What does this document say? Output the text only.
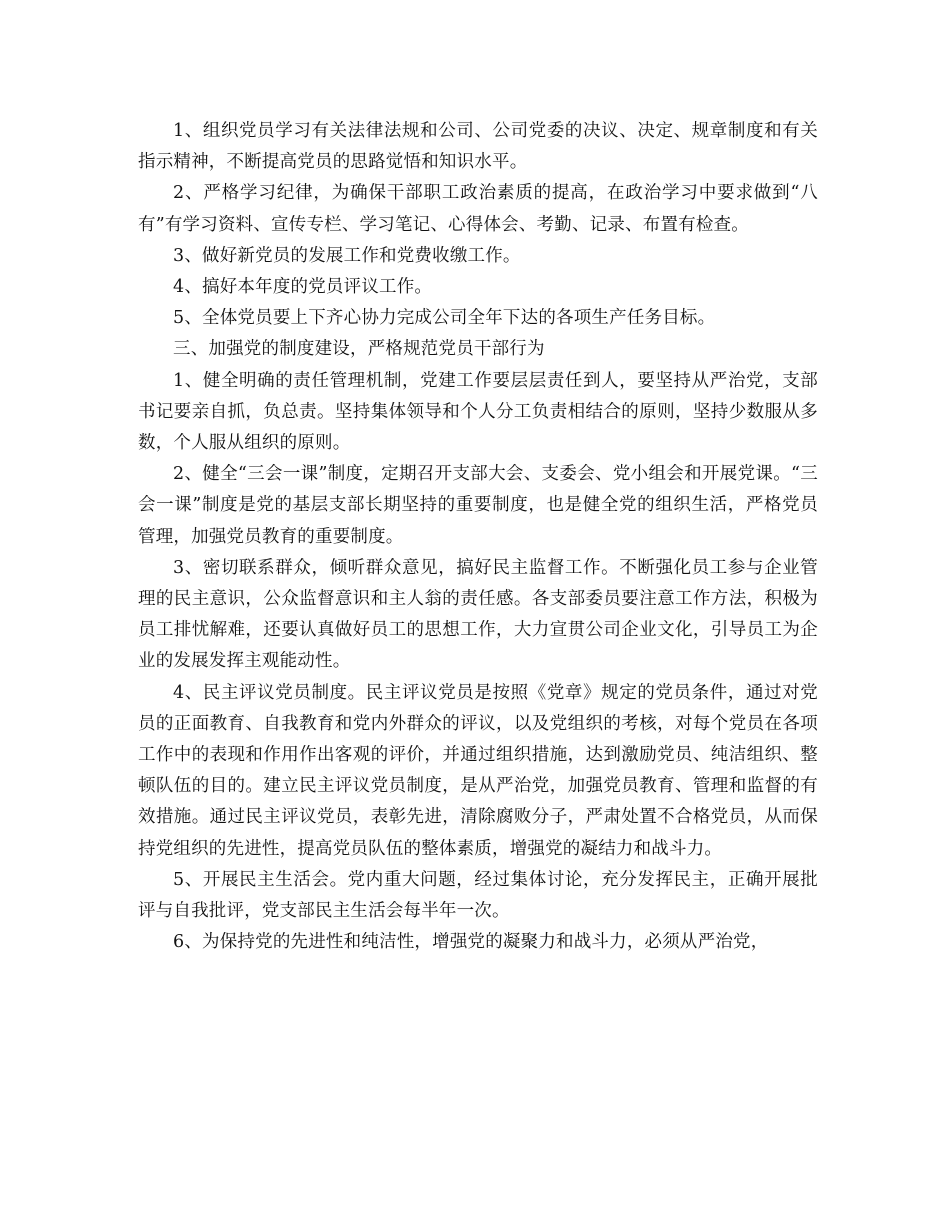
1、组织党员学习有关法律法规和公司、公司党委的决议、决定、规章制度和有关指示精神，不断提高党员的思路觉悟和知识水平。

2、严格学习纪律，为确保干部职工政治素质的提高，在政治学习中要求做到“八有”有学习资料、宣传专栏、学习笔记、心得体会、考勤、记录、布置有检查。

3、做好新党员的发展工作和党费收缴工作。

4、搞好本年度的党员评议工作。

5、全体党员要上下齐心协力完成公司全年下达的各项生产任务目标。

三、加强党的制度建设，严格规范党员干部行为

1、健全明确的责任管理机制，党建工作要层层责任到人，要坚持从严治党，支部书记要亲自抓，负总责。坚持集体领导和个人分工负责相结合的原则，坚持少数服从多数，个人服从组织的原则。

2、健全“三会一课”制度，定期召开支部大会、支委会、党小组会和开展党课。“三会一课”制度是党的基层支部长期坚持的重要制度，也是健全党的组织生活，严格党员管理，加强党员教育的重要制度。

3、密切联系群众，倾听群众意见，搞好民主监督工作。不断强化员工参与企业管理的民主意识，公众监督意识和主人翁的责任感。各支部委员要注意工作方法，积极为员工排忧解难，还要认真做好员工的思想工作，大力宣贯公司企业文化，引导员工为企业的发展发挥主观能动性。

4、民主评议党员制度。民主评议党员是按照《党章》规定的党员条件，通过对党员的正面教育、自我教育和党内外群众的评议，以及党组织的考核，对每个党员在各项工作中的表现和作用作出客观的评价，并通过组织措施，达到激励党员、纯洁组织、整顿队伍的目的。建立民主评议党员制度，是从严治党，加强党员教育、管理和监督的有效措施。通过民主评议党员，表彰先进，清除腐败分子，严肃处置不合格党员，从而保持党组织的先进性，提高党员队伍的整体素质，增强党的凝结力和战斗力。

5、开展民主生活会。党内重大问题，经过集体讨论，充分发挥民主，正确开展批评与自我批评，党支部民主生活会每半年一次。

6、为保持党的先进性和纯洁性，增强党的凝聚力和战斗力，必须从严治党，
